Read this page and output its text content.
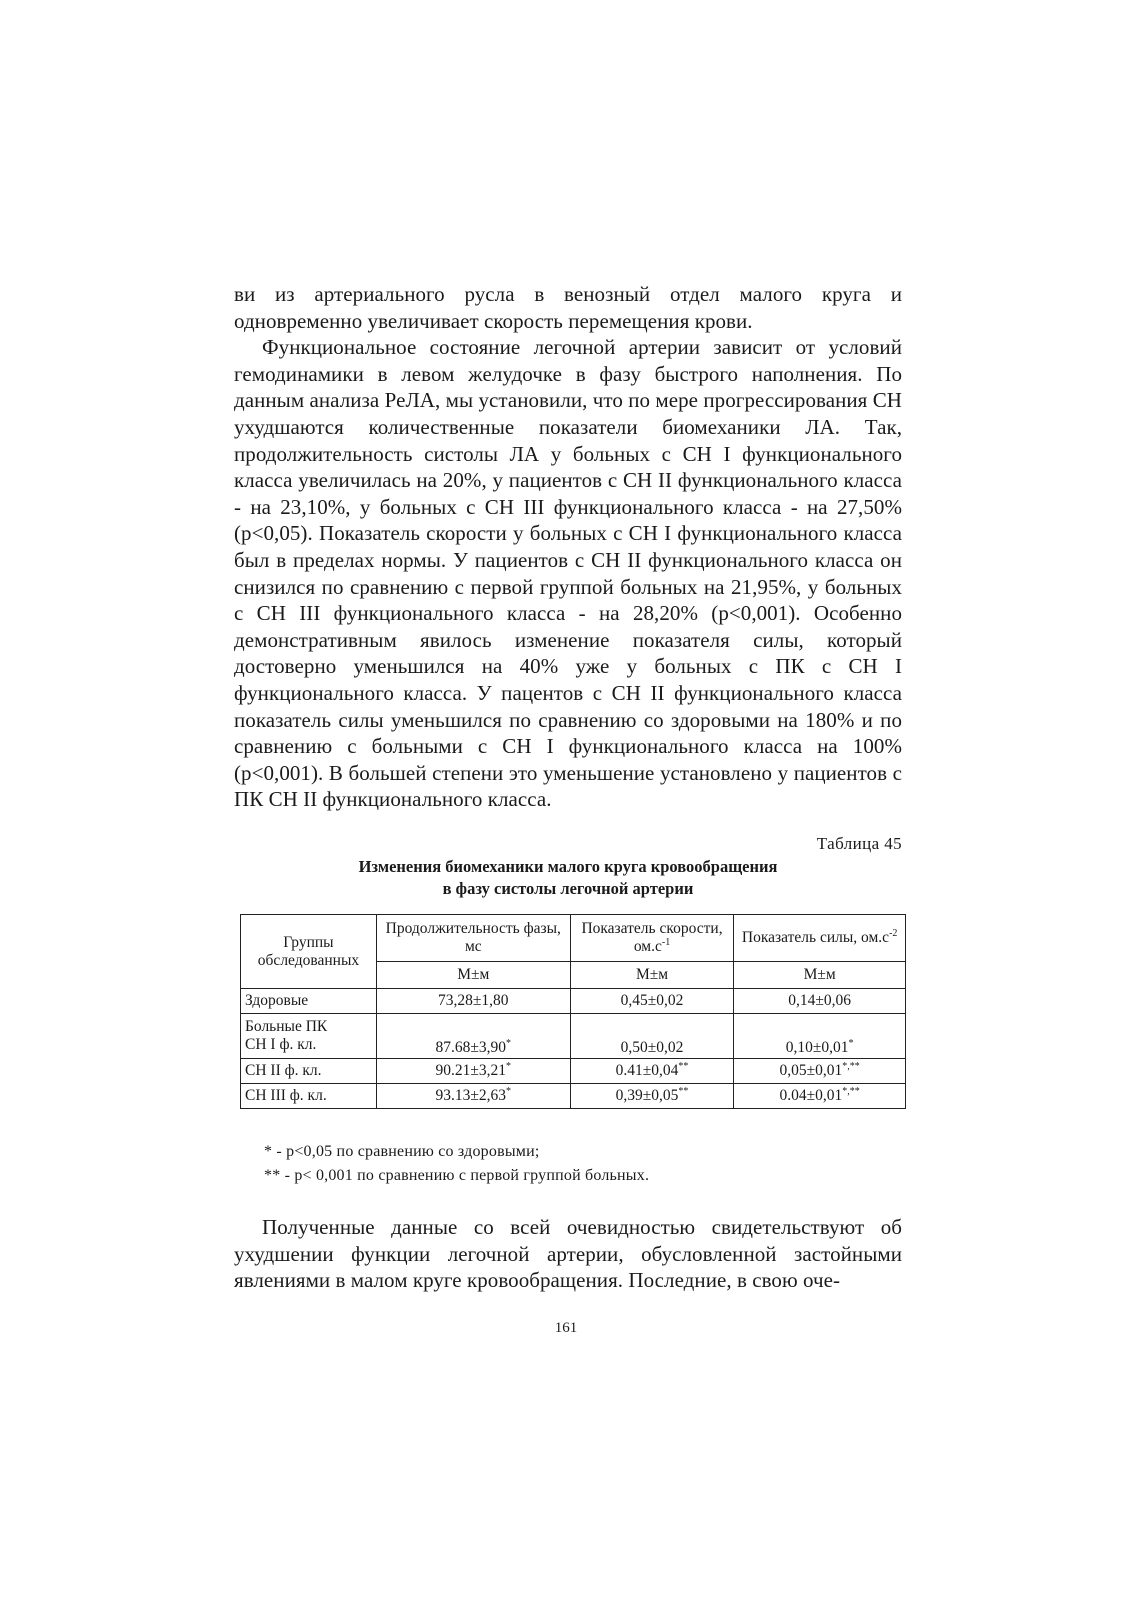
ви из артериального русла в венозный отдел малого круга и одновременно увеличивает скорость перемещения крови.

Функциональное состояние легочной артерии зависит от условий гемодинамики в левом желудочке в фазу быстрого наполнения. По данным анализа РеЛА, мы установили, что по мере прогрессирования СН ухудшаются количественные показатели биомеханики ЛА. Так, продолжительность систолы ЛА у больных с СН I функционального класса увеличилась на 20%, у пациентов с СН II функционального класса - на 23,10%, у больных с СН III функционального класса - на 27,50% (p<0,05). Показатель скорости у больных с СН I функционального класса был в пределах нормы. У пациентов с СН II функционального класса он снизился по сравнению с первой группой больных на 21,95%, у больных с СН III функционального класса - на 28,20% (p<0,001). Особенно демонстративным явилось изменение показателя силы, который достоверно уменьшился на 40% уже у больных с ПК с СН I функционального класса. У пацентов с СН II функционального класса показатель силы уменьшился по сравнению со здоровыми на 180% и по сравнению с больными с СН I функционального класса на 100% (p<0,001). В большей степени это уменьшение установлено у пациентов с ПК СН II функционального класса.

Таблица 45
Изменения биомеханики малого круга кровообращения
в фазу систолы легочной артерии
Группы обследованных	Продолжительность фазы, мс	Показатель скорости, $ом.с^{-1}$	Показатель силы, $ом.с^{-2}$
	M±м	M±м	M±м
Здоровые	73,28±1,80	0,45±0,02	0,14±0,06

Больные ПК
СН I ф. кл.	87.68±3,90*	0,50±0,02	0,10±0,01*
СН II ф. кл.	90.21±3,21*	0.41±0,04**	0,05±0,01*,**
СН III ф. кл.	93.13±2,63*	0,39±0,05**	0.04±0,01*,**
* - p<0,05 по сравнению со здоровыми;
** - p< 0,001 по сравнению с первой группой больных.

Полученные данные со всей очевидностью свидетельствуют об ухудшении функции легочной артерии, обусловленной застойными явлениями в малом круге кровообращения. Последние, в свою оче-

161
